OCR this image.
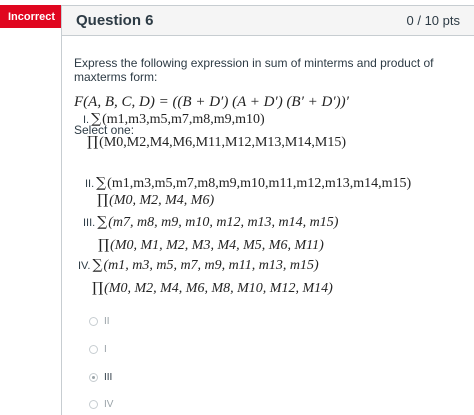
Incorrect	Question 6	0 / 10 pts
Express the following expression in sum of minterms and product of maxterms form:
F(A, B, C, D) = ((B + D′) (A + D′) (B′ + D′))′
Select one:
I. ∑ (m1,m3,m5,m7,m8,m9,m10)
∏ (M0,M2,M4,M6,M11,M12,M13,M14,M15)
II. ∑ (m1,m3,m5,m7,m8,m9,m10,m11,m12,m13,m14,m15)
∏ (M0, M2, M4, M6)
III. ∑ (m7, m8, m9, m10, m12, m13, m14, m15)
∏ (M0, M1, M2, M3, M4, M5, M6, M11)
IV. ∑ (m1, m3, m5, m7, m9, m11, m13, m15)
∏ (M0, M2, M4, M6, M8, M10, M12, M14)
II
I
III
IV
